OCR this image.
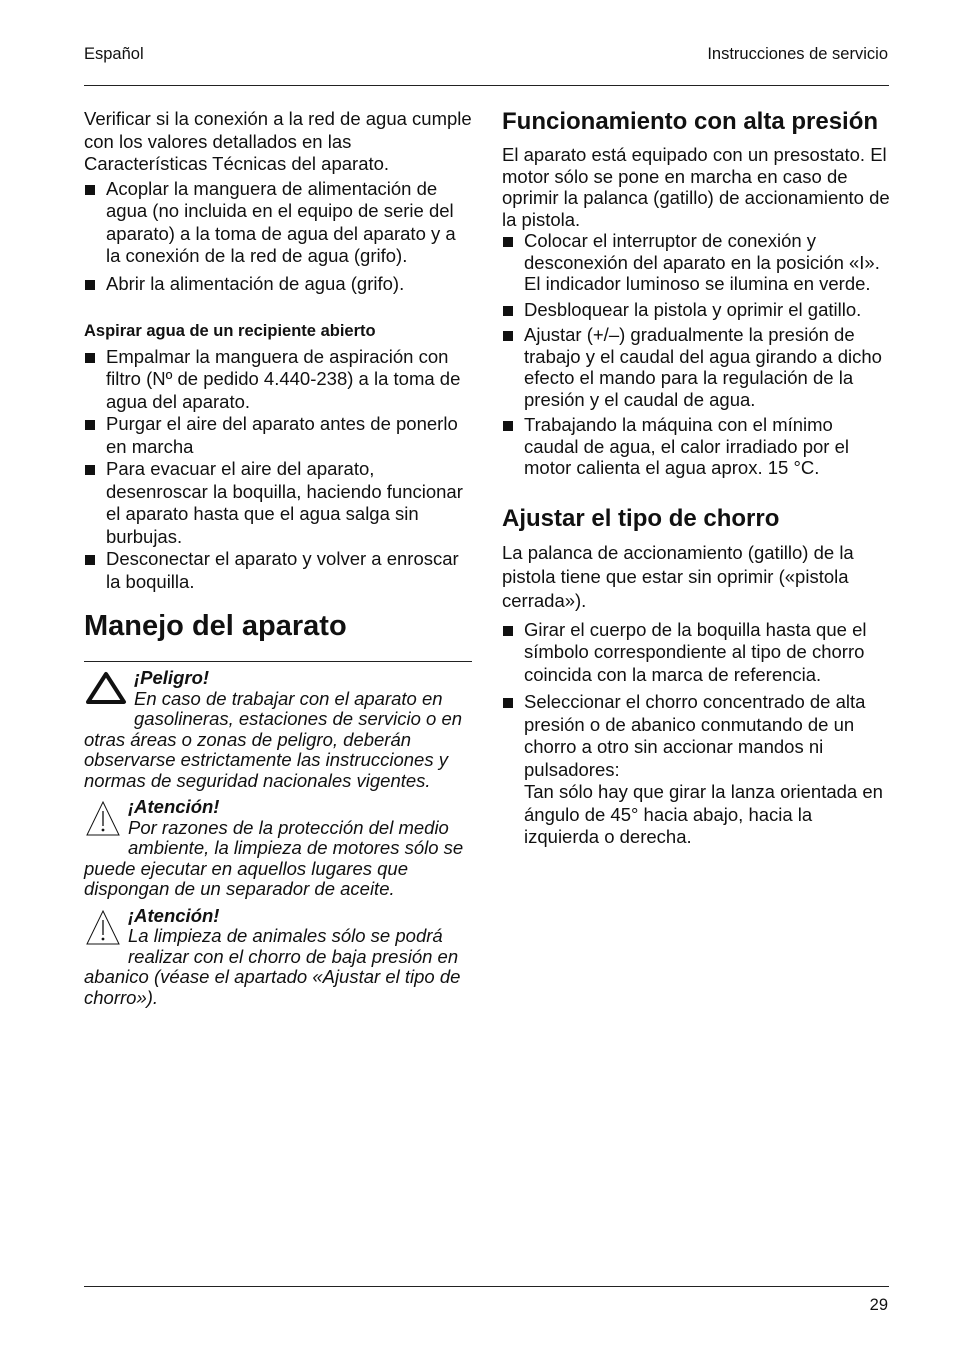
Español	Instrucciones de servicio

Verificar si la conexión a la red de agua cumple con los valores detallados en las Características Técnicas del aparato.

Acoplar la manguera de alimentación de agua (no incluida en el equipo de serie del aparato) a la toma de agua del aparato y a la conexión de la red de agua (grifo).
Abrir la alimentación de agua (grifo).
Aspirar agua de un recipiente abierto
Empalmar la manguera de aspiración con filtro (Nº de pedido 4.440-238) a la toma de agua del aparato.
Purgar el aire del aparato antes de ponerlo en marcha
Para evacuar el aire del aparato, desenroscar la boquilla, haciendo funcionar el aparato hasta que el agua salga sin burbujas.
Desconectar el aparato y volver a enroscar la boquilla.
Manejo del aparato
¡Peligro!
En caso de trabajar con el aparato en gasolineras, estaciones de servicio o en otras áreas o zonas de peligro, deberán observarse estrictamente las instrucciones y normas de seguridad nacionales vigentes.
¡Atención!
Por razones de la protección del medio ambiente, la limpieza de motores sólo se puede ejecutar en aquellos lugares que dispongan de un separador de aceite.
¡Atención!
La limpieza de animales sólo se podrá realizar con el chorro de baja presión en abanico (véase el apartado «Ajustar el tipo de chorro»).
Funcionamiento con alta presión

El aparato está equipado con un presostato. El motor sólo se pone en marcha en caso de oprimir la palanca (gatillo) de accionamiento de la pistola.

Colocar el interruptor de conexión y desconexión del aparato en la posición «I». El indicador luminoso se ilumina en verde.
Desbloquear la pistola y oprimir el gatillo.
Ajustar (+/–) gradualmente la presión de trabajo y el caudal del agua girando a dicho efecto el mando para la regulación de la presión y el caudal de agua.
Trabajando la máquina con el mínimo caudal de agua, el calor irradiado por el motor calienta el agua aprox. 15 °C.
Ajustar el tipo de chorro

La palanca de accionamiento (gatillo) de la pistola tiene que estar sin oprimir («pistola cerrada»).

Girar el cuerpo de la boquilla hasta que el símbolo correspondiente al tipo de chorro coincida con la marca de referencia.
Seleccionar el chorro concentrado de alta presión o de abanico conmutando de un chorro a otro sin accionar mandos ni pulsadores:
Tan sólo hay que girar la lanza orientada en ángulo de 45° hacia abajo, hacia la izquierda o derecha.
29
